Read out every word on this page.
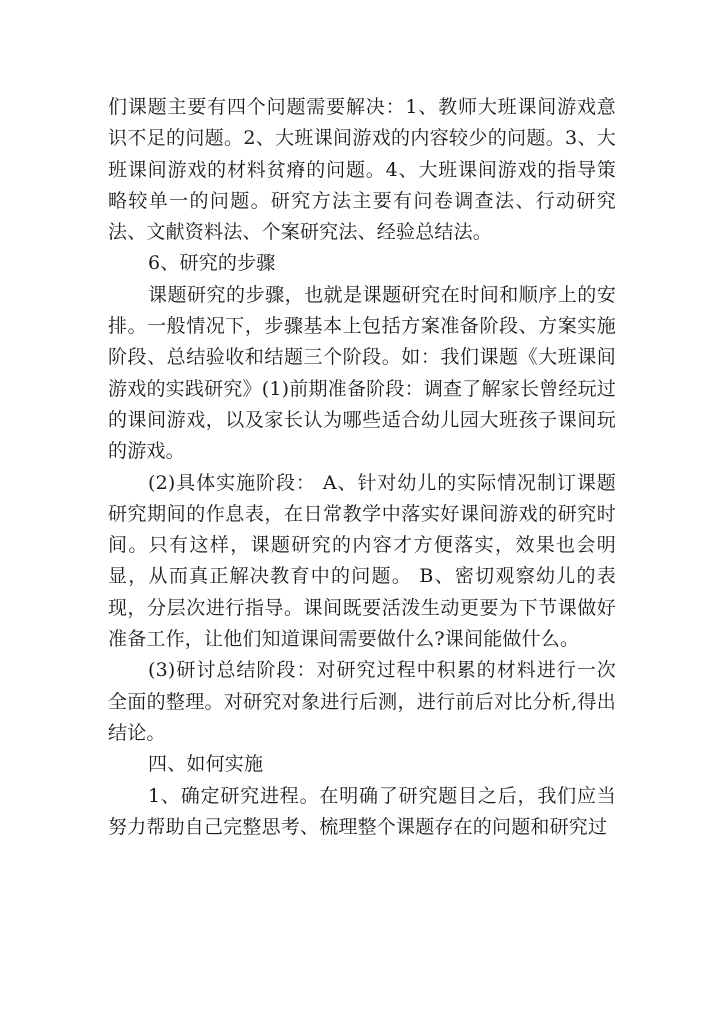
们课题主要有四个问题需要解决：1、教师大班课间游戏意识不足的问题。2、大班课间游戏的内容较少的问题。3、大班课间游戏的材料贫瘠的问题。4、大班课间游戏的指导策略较单一的问题。研究方法主要有问卷调查法、行动研究法、文献资料法、个案研究法、经验总结法。

6、研究的步骤

课题研究的步骤，也就是课题研究在时间和顺序上的安排。一般情况下，步骤基本上包括方案准备阶段、方案实施阶段、总结验收和结题三个阶段。如：我们课题《大班课间游戏的实践研究》(1)前期准备阶段：调查了解家长曾经玩过的课间游戏，以及家长认为哪些适合幼儿园大班孩子课间玩的游戏。

(2)具体实施阶段： A、针对幼儿的实际情况制订课题研究期间的作息表，在日常教学中落实好课间游戏的研究时间。只有这样，课题研究的内容才方便落实，效果也会明显，从而真正解决教育中的问题。 B、密切观察幼儿的表现，分层次进行指导。课间既要活泼生动更要为下节课做好准备工作，让他们知道课间需要做什么?课间能做什么。

(3)研讨总结阶段：对研究过程中积累的材料进行一次全面的整理。对研究对象进行后测，进行前后对比分析,得出结论。

四、如何实施

1、确定研究进程。在明确了研究题目之后，我们应当努力帮助自己完整思考、梳理整个课题存在的问题和研究过
